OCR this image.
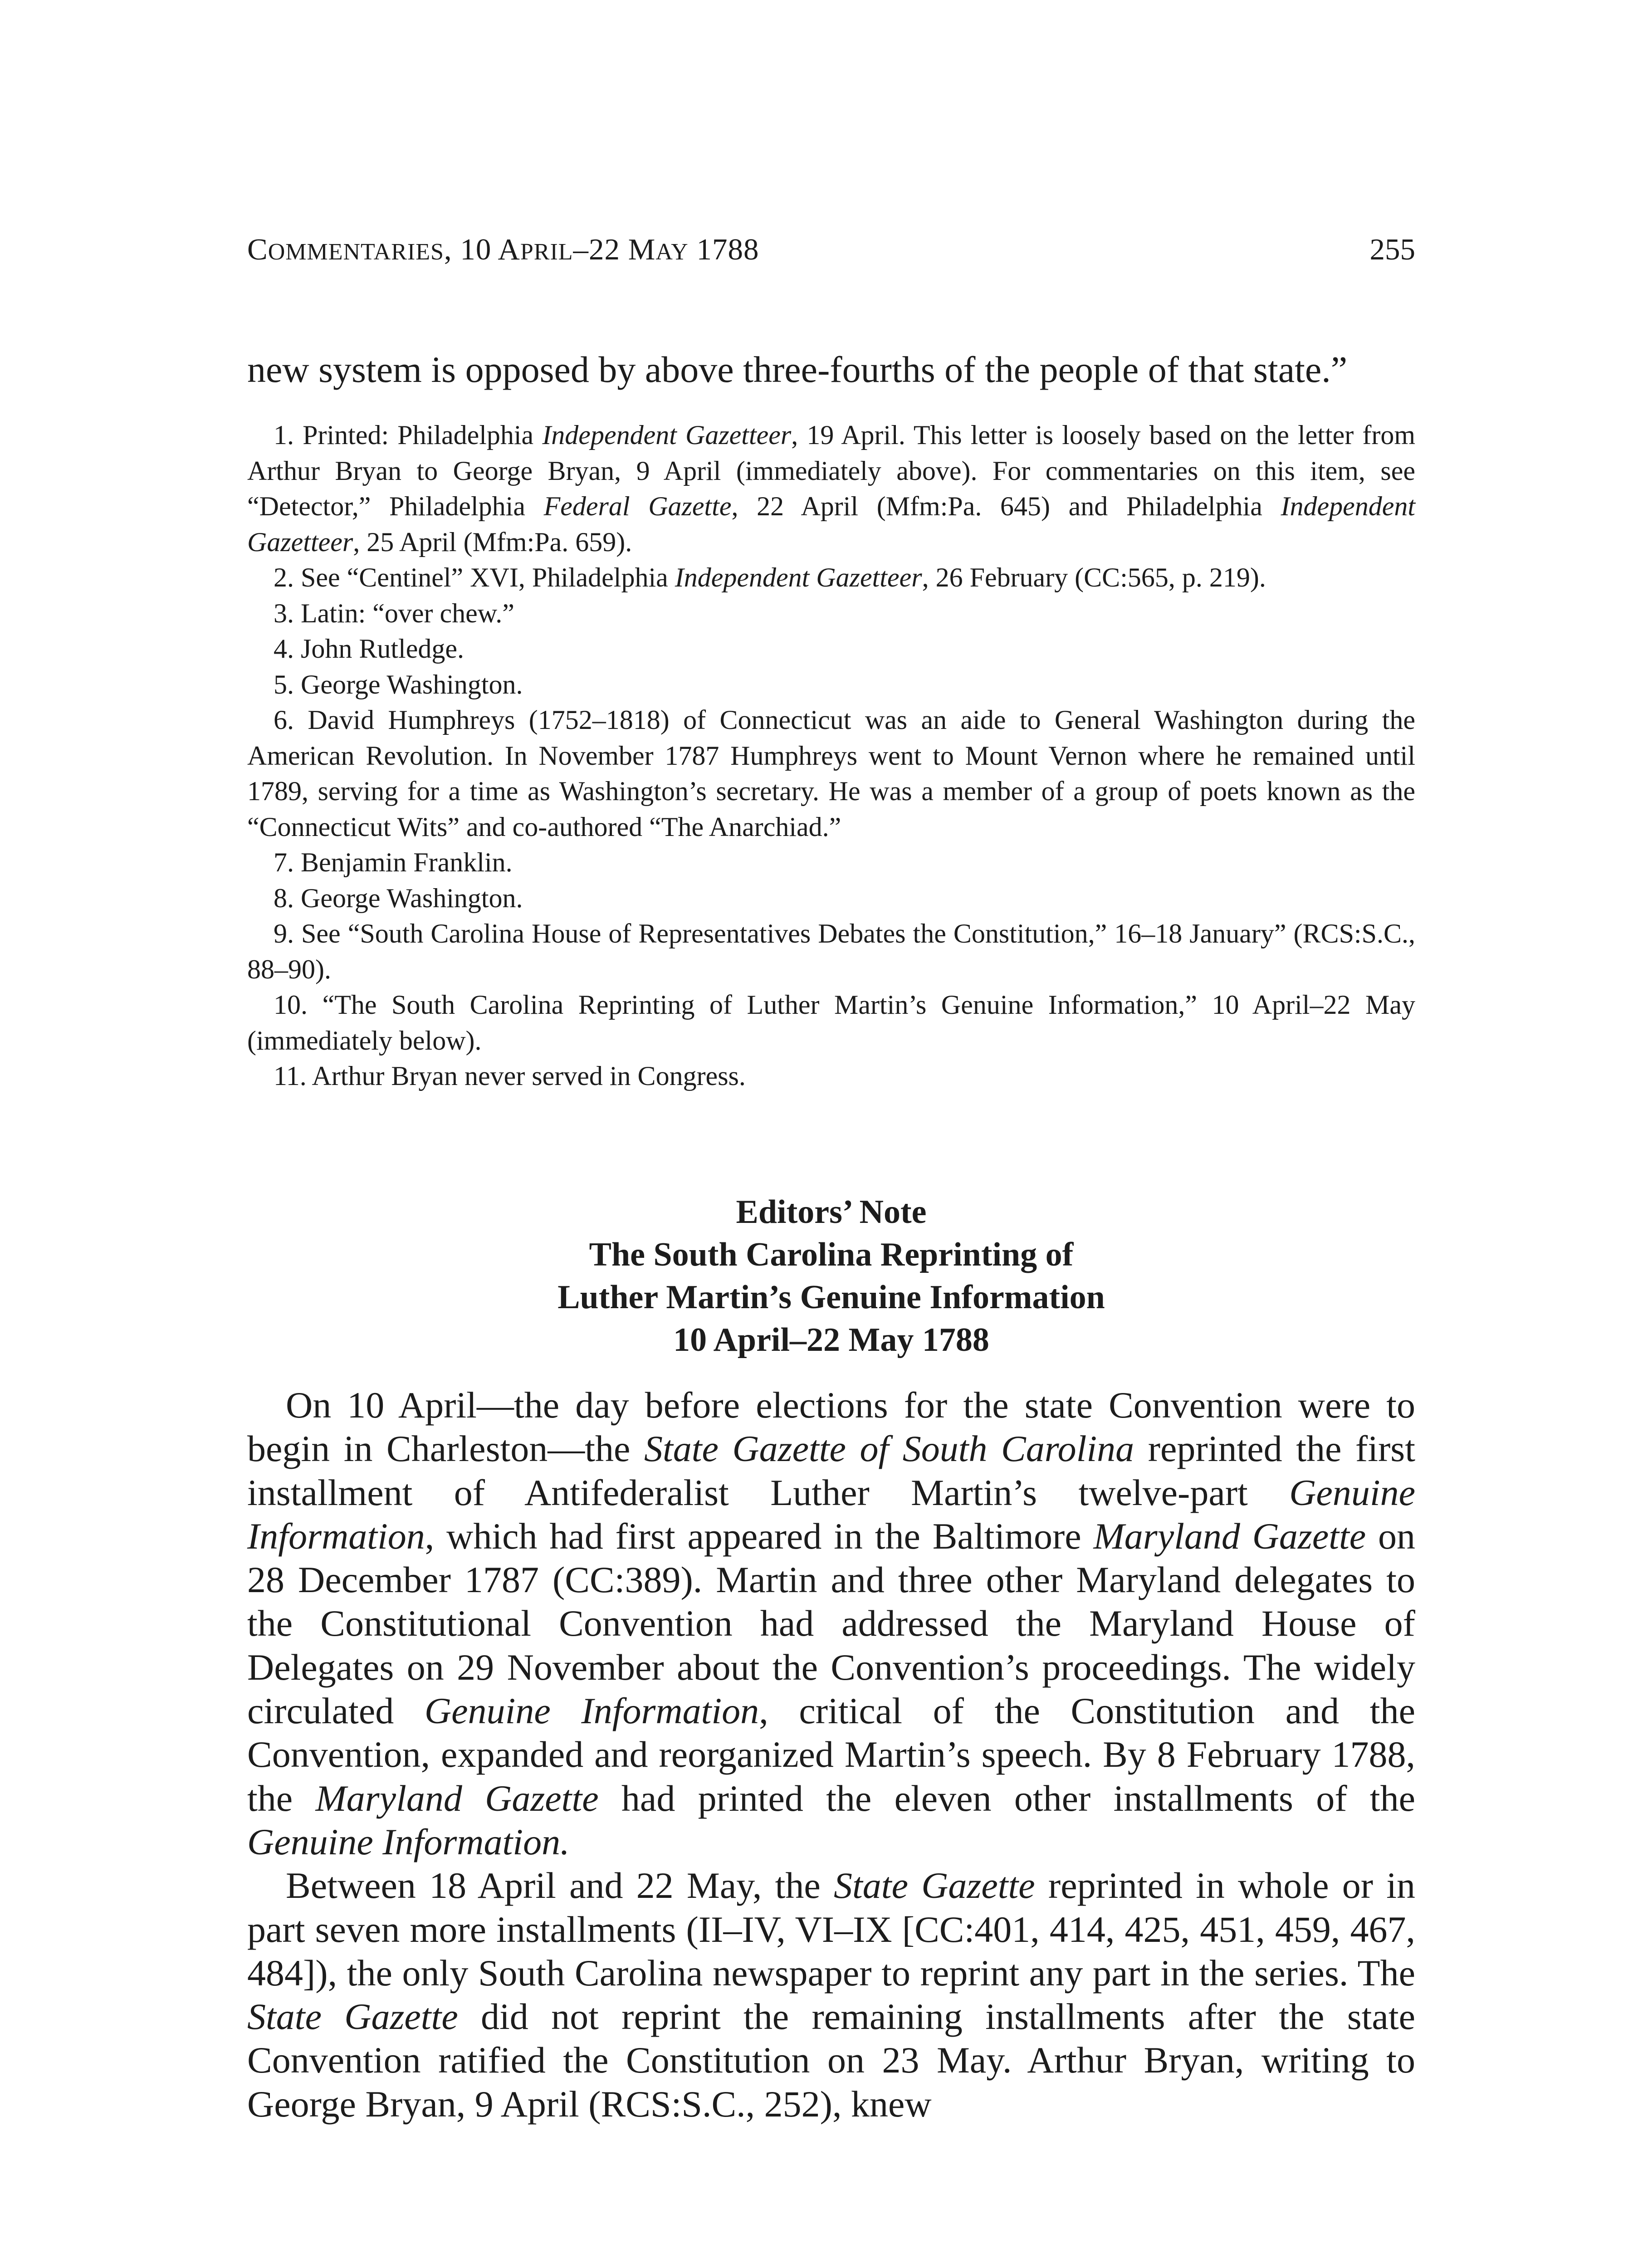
COMMENTARIES, 10 APRIL–22 MAY 1788	255

new system is opposed by above three-fourths of the people of that state.”

1. Printed: Philadelphia Independent Gazetteer, 19 April. This letter is loosely based on the letter from Arthur Bryan to George Bryan, 9 April (immediately above). For commentaries on this item, see “Detector,” Philadelphia Federal Gazette, 22 April (Mfm:Pa. 645) and Philadelphia Independent Gazetteer, 25 April (Mfm:Pa. 659).

2. See “Centinel” XVI, Philadelphia Independent Gazetteer, 26 February (CC:565, p. 219).

3. Latin: “over chew.”

4. John Rutledge.

5. George Washington.

6. David Humphreys (1752–1818) of Connecticut was an aide to General Washington during the American Revolution. In November 1787 Humphreys went to Mount Vernon where he remained until 1789, serving for a time as Washington’s secretary. He was a member of a group of poets known as the “Connecticut Wits” and co-authored “The Anarchiad.”

7. Benjamin Franklin.

8. George Washington.

9. See “South Carolina House of Representatives Debates the Constitution,” 16–18 January” (RCS:S.C., 88–90).

10. “The South Carolina Reprinting of Luther Martin’s Genuine Information,” 10 April–22 May (immediately below).

11. Arthur Bryan never served in Congress.

Editors’ Note
The South Carolina Reprinting of
Luther Martin’s Genuine Information
10 April–22 May 1788

On 10 April—the day before elections for the state Convention were to begin in Charleston—the State Gazette of South Carolina reprinted the first installment of Antifederalist Luther Martin’s twelve-part Genuine Information, which had first appeared in the Baltimore Maryland Gazette on 28 December 1787 (CC:389). Martin and three other Maryland delegates to the Constitutional Convention had addressed the Maryland House of Delegates on 29 November about the Convention’s proceedings. The widely circulated Genuine Information, critical of the Constitution and the Convention, expanded and reorganized Martin’s speech. By 8 February 1788, the Maryland Gazette had printed the eleven other installments of the Genuine Information.

Between 18 April and 22 May, the State Gazette reprinted in whole or in part seven more installments (II–IV, VI–IX [CC:401, 414, 425, 451, 459, 467, 484]), the only South Carolina newspaper to reprint any part in the series. The State Gazette did not reprint the remaining installments after the state Convention ratified the Constitution on 23 May. Arthur Bryan, writing to George Bryan, 9 April (RCS:S.C., 252), knew
